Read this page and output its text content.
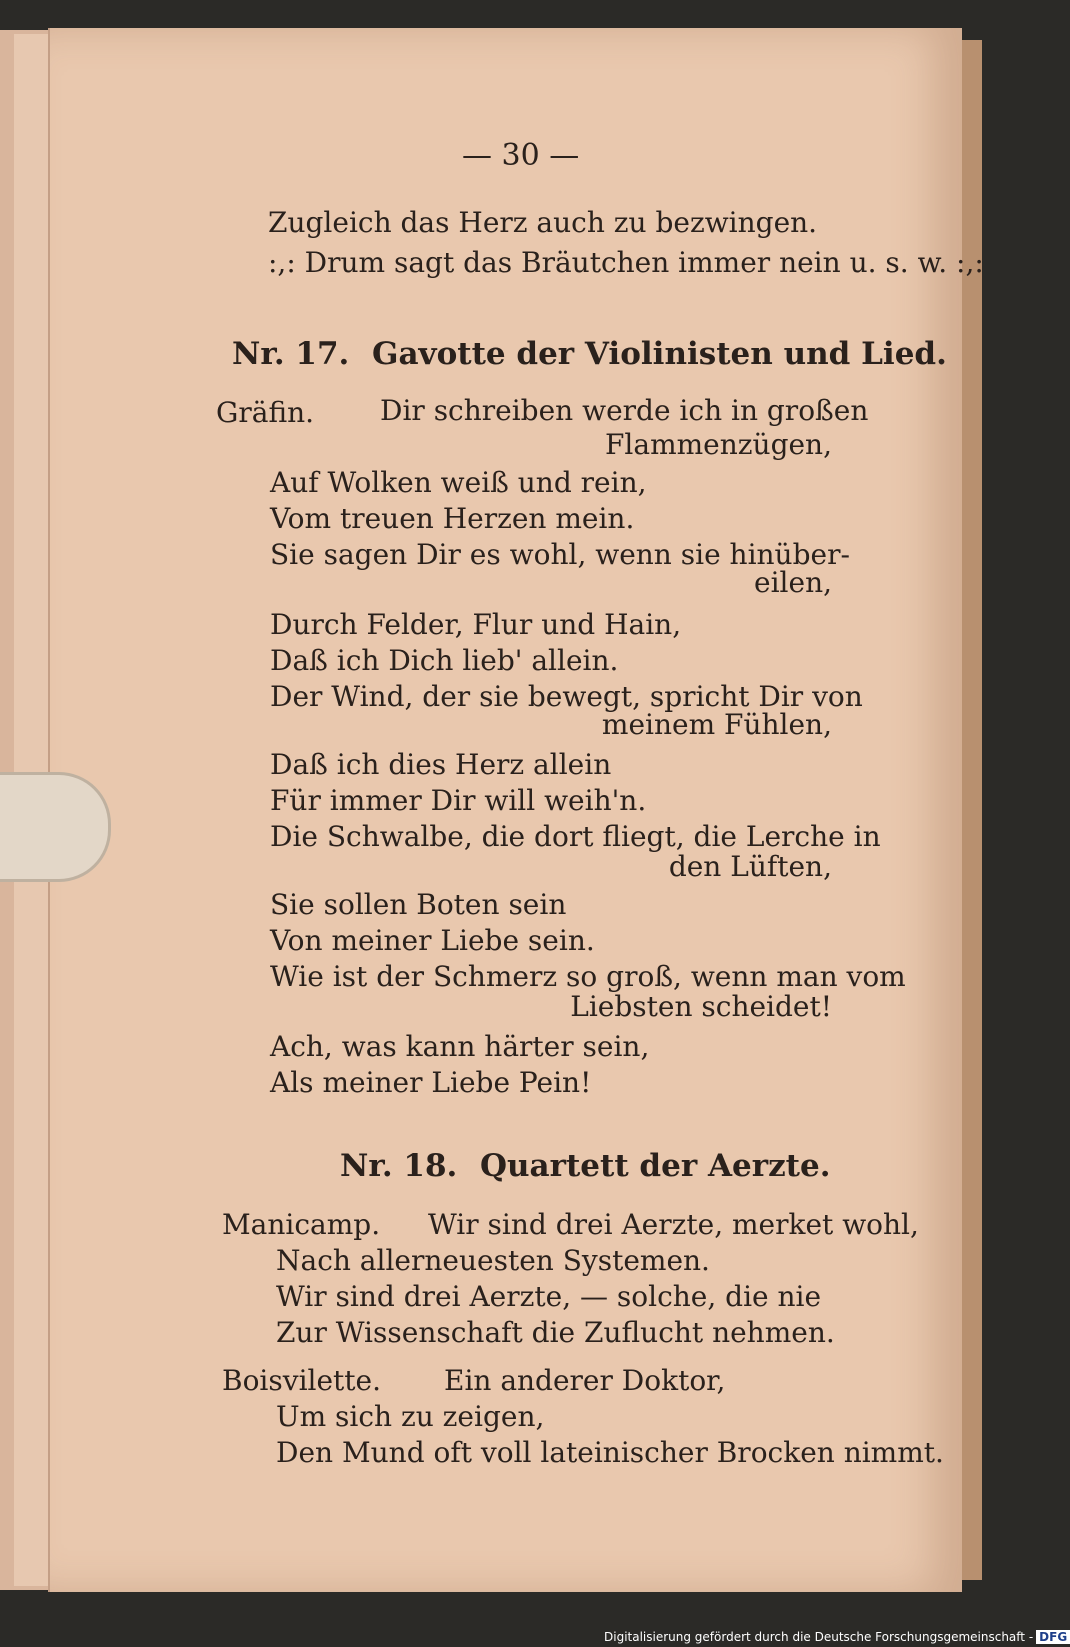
— 30 —
Zugleich das Herz auch zu bezwingen.
:,: Drum sagt das Bräutchen immer nein u. s. w. :,:
Nr. 17. Gavotte der Violinisten und Lied.
Gräfin. Dir schreiben werde ich in großen
Flammenzügen,
Auf Wolken weiß und rein,
Vom treuen Herzen mein.
Sie sagen Dir es wohl, wenn sie hinüber-
eilen,
Durch Felder, Flur und Hain,
Daß ich Dich lieb' allein.
Der Wind, der sie bewegt, spricht Dir von
meinem Fühlen,
Daß ich dies Herz allein
Für immer Dir will weih'n.
Die Schwalbe, die dort fliegt, die Lerche in
den Lüften,
Sie sollen Boten sein
Von meiner Liebe sein.
Wie ist der Schmerz so groß, wenn man vom
Liebsten scheidet!
Ach, was kann härter sein,
Als meiner Liebe Pein!
Nr. 18. Quartett der Aerzte.
Manicamp. Wir sind drei Aerzte, merket wohl,
Nach allerneuesten Systemen.
Wir sind drei Aerzte, — solche, die nie
Zur Wissenschaft die Zuflucht nehmen.
Boisvilette. Ein anderer Doktor,
Um sich zu zeigen,
Den Mund oft voll lateinischer Brocken nimmt.
Digitalisierung gefördert durch die Deutsche Forschungsgemeinschaft - DFG
